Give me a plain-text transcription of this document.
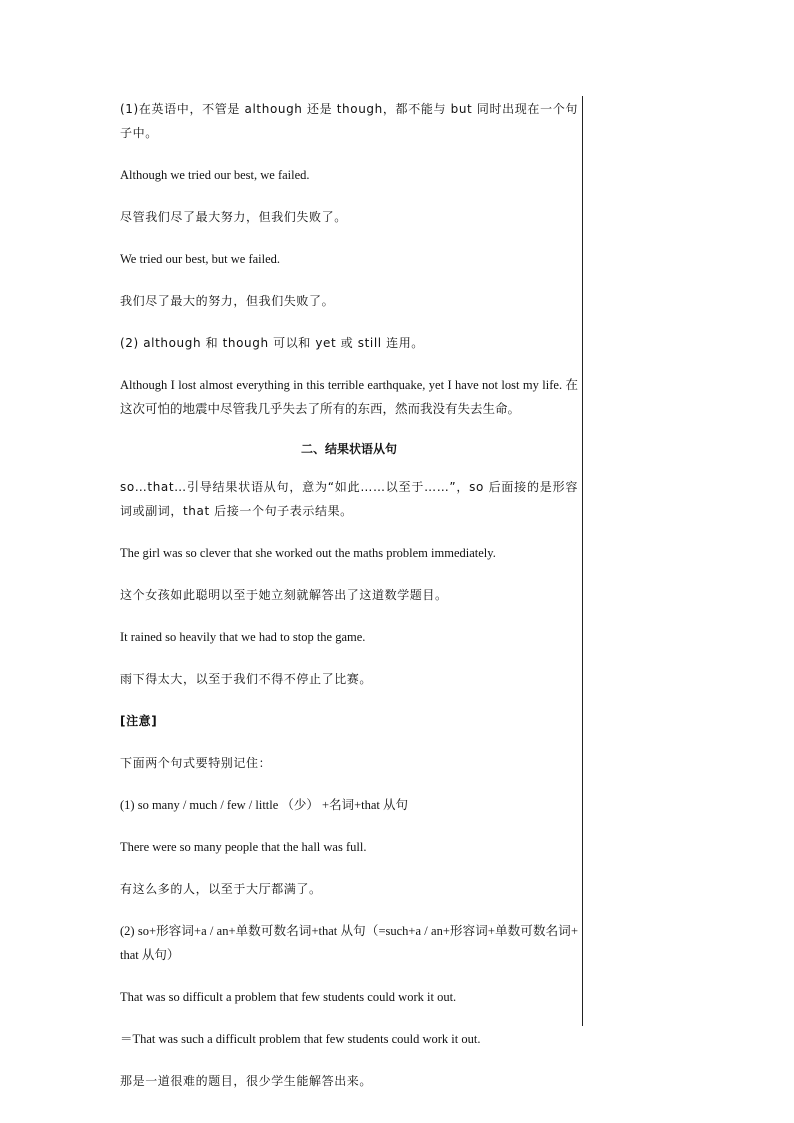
(1)在英语中，不管是 although 还是 though，都不能与 but 同时出现在一个句子中。

Although we tried our best, we failed.

尽管我们尽了最大努力，但我们失败了。

We tried our best, but we failed.

我们尽了最大的努力，但我们失败了。

(2) although 和 though 可以和 yet 或 still 连用。

Although I lost almost everything in this terrible earthquake, yet I have not lost my life. 在这次可怕的地震中尽管我几乎失去了所有的东西，然而我没有失去生命。

二、结果状语从句

so…that…引导结果状语从句，意为“如此……以至于……”，so 后面接的是形容词或副词，that 后接一个句子表示结果。

The girl was so clever that she worked out the maths problem immediately.

这个女孩如此聪明以至于她立刻就解答出了这道数学题目。

It rained so heavily that we had to stop the game.

雨下得太大，以至于我们不得不停止了比赛。

[注意]

下面两个句式要特别记住：

(1) so many / much / few / little （少） +名词+that 从句

There were so many people that the hall was full.

有这么多的人，以至于大厅都满了。

(2) so+形容词+a / an+单数可数名词+that 从句（=such+a / an+形容词+单数可数名词+ that 从句）

That was so difficult a problem that few students could work it out.

＝That was such a difficult problem that few students could work it out.

那是一道很难的题目，很少学生能解答出来。
